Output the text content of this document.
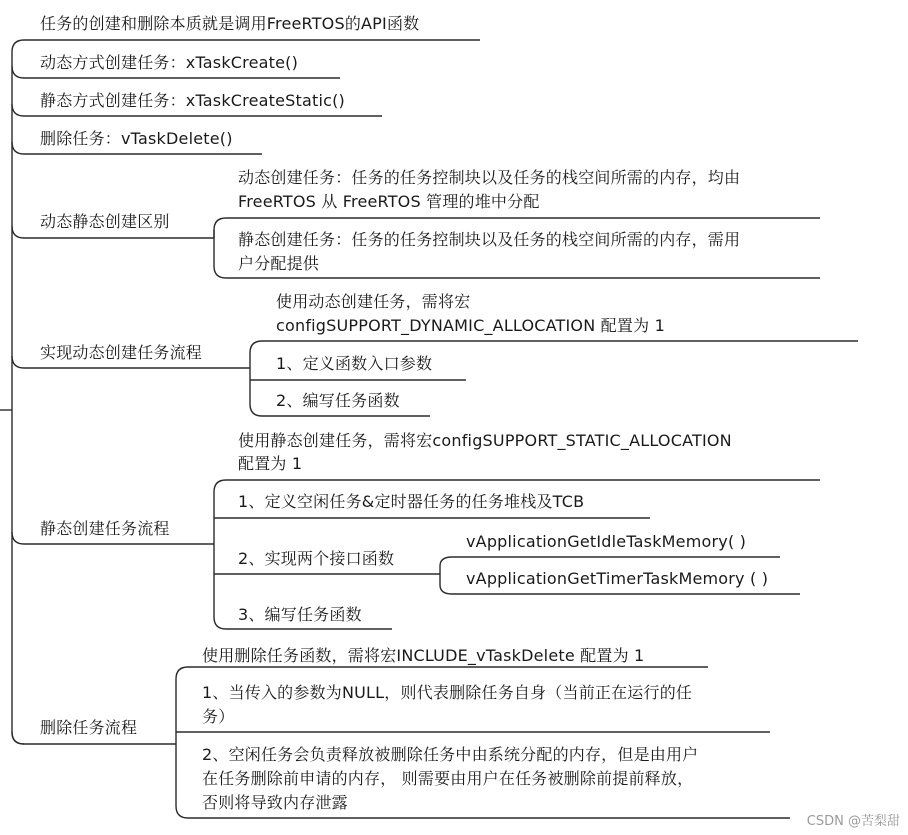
任务的创建和删除本质就是调用FreeRTOS的API函数
动态方式创建任务：xTaskCreate()
静态方式创建任务：xTaskCreateStatic()
删除任务：vTaskDelete()
动态静态创建区别
实现动态创建任务流程
静态创建任务流程
删除任务流程
动态创建任务：任务的任务控制块以及任务的栈空间所需的内存，均由
FreeRTOS 从 FreeRTOS 管理的堆中分配
静态创建任务：任务的任务控制块以及任务的栈空间所需的内存，需用
户分配提供
使用动态创建任务，需将宏
configSUPPORT_DYNAMIC_ALLOCATION 配置为 1
1、定义函数入口参数
2、编写任务函数
使用静态创建任务，需将宏configSUPPORT_STATIC_ALLOCATION
配置为 1
1、定义空闲任务&定时器任务的任务堆栈及TCB
2、实现两个接口函数
vApplicationGetIdleTaskMemory( )
vApplicationGetTimerTaskMemory ( )
3、编写任务函数
使用删除任务函数，需将宏INCLUDE_vTaskDelete 配置为 1
1、当传入的参数为NULL，则代表删除任务自身（当前正在运行的任
务）
2、空闲任务会负责释放被删除任务中由系统分配的内存，但是由用户
在任务删除前申请的内存， 则需要由用户在任务被删除前提前释放，
否则将导致内存泄露
CSDN @苦梨甜
